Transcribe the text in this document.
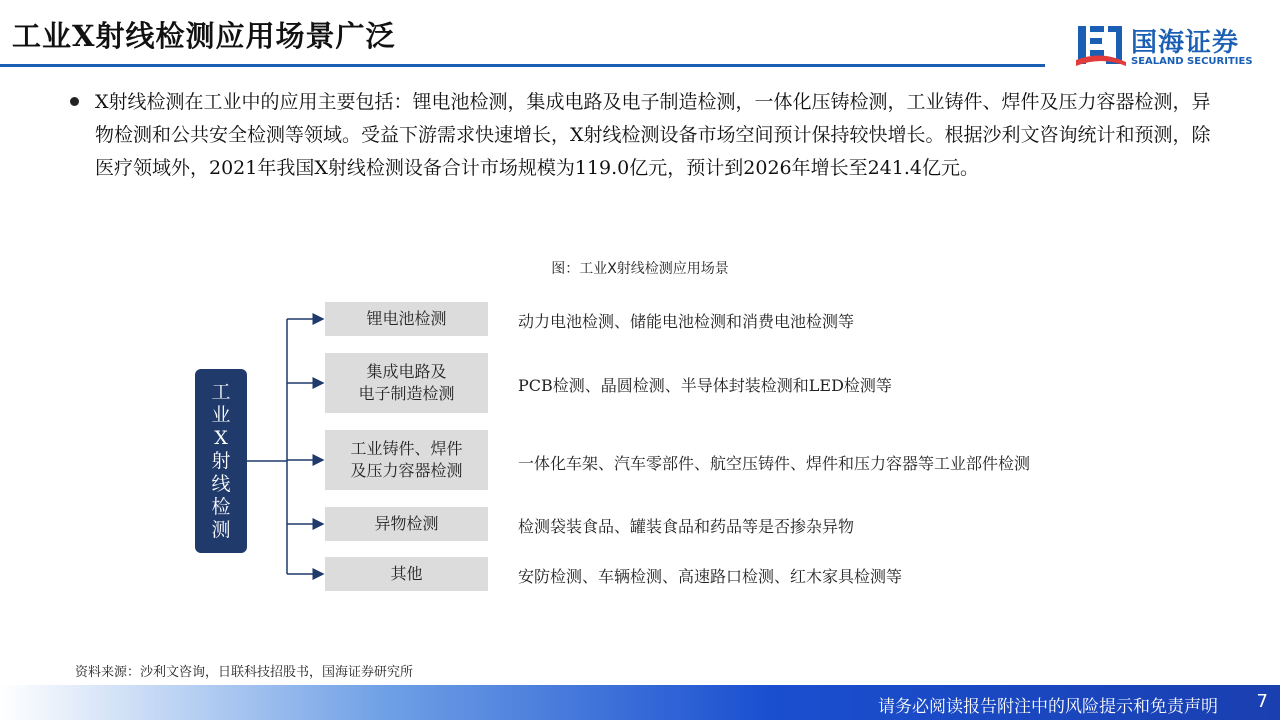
工业X射线检测应用场景广泛	国海证券
SEALAND SECURITIES
X射线检测在工业中的应用主要包括：锂电池检测，集成电路及电子制造检测，一体化压铸检测，工业铸件、焊件及压力容器检测，异物检测和公共安全检测等领域。受益下游需求快速增长，X射线检测设备市场空间预计保持较快增长。根据沙利文咨询统计和预测，除医疗领域外，2021年我国X射线检测设备合计市场规模为119.0亿元，预计到2026年增长至241.4亿元。
图：工业X射线检测应用场景
工业X射线检测
锂电池检测	动力电池检测、储能电池检测和消费电池检测等
集成电路及
电子制造检测	PCB检测、晶圆检测、半导体封装检测和LED检测等
工业铸件、焊件
及压力容器检测	一体化车架、汽车零部件、航空压铸件、焊件和压力容器等工业部件检测
异物检测	检测袋装食品、罐装食品和药品等是否掺杂异物
其他	安防检测、车辆检测、高速路口检测、红木家具检测等
资料来源：沙利文咨询，日联科技招股书，国海证券研究所
请务必阅读报告附注中的风险提示和免责声明 7
